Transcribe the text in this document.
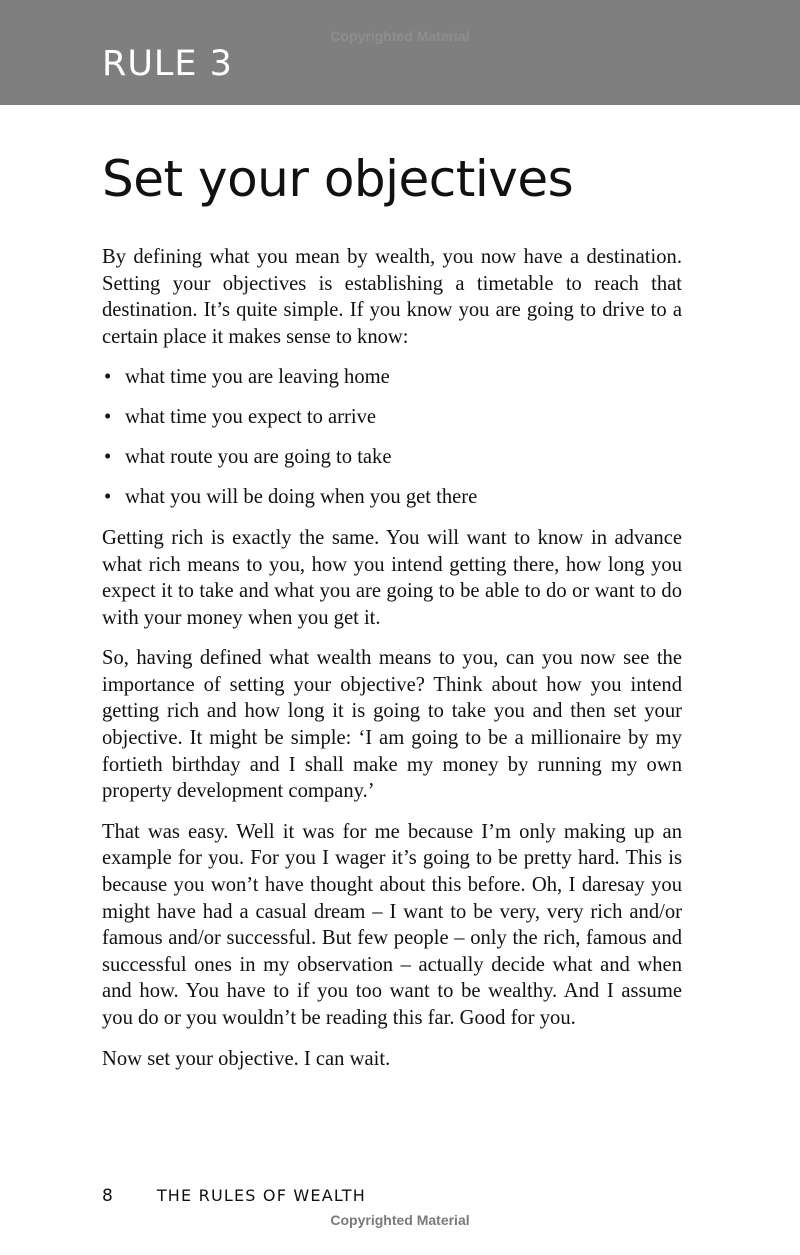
Copyrighted Material
RULE 3
Set your objectives

By defining what you mean by wealth, you now have a destination. Setting your objectives is establishing a timetable to reach that destination. It’s quite simple. If you know you are going to drive to a certain place it makes sense to know:

• what time you are leaving home
• what time you expect to arrive
• what route you are going to take
• what you will be doing when you get there

Getting rich is exactly the same. You will want to know in advance what rich means to you, how you intend getting there, how long you expect it to take and what you are going to be able to do or want to do with your money when you get it.

So, having defined what wealth means to you, can you now see the importance of setting your objective? Think about how you intend getting rich and how long it is going to take you and then set your objective. It might be simple: ‘I am going to be a millionaire by my fortieth birthday and I shall make my money by running my own property development company.’

That was easy. Well it was for me because I’m only making up an example for you. For you I wager it’s going to be pretty hard. This is because you won’t have thought about this before. Oh, I daresay you might have had a casual dream – I want to be very, very rich and/or famous and/or successful. But few people – only the rich, famous and successful ones in my observation – actually decide what and when and how. You have to if you too want to be wealthy. And I assume you do or you wouldn’t be reading this far. Good for you.

Now set your objective. I can wait.

8	THE RULES OF WEALTH
Copyrighted Material
